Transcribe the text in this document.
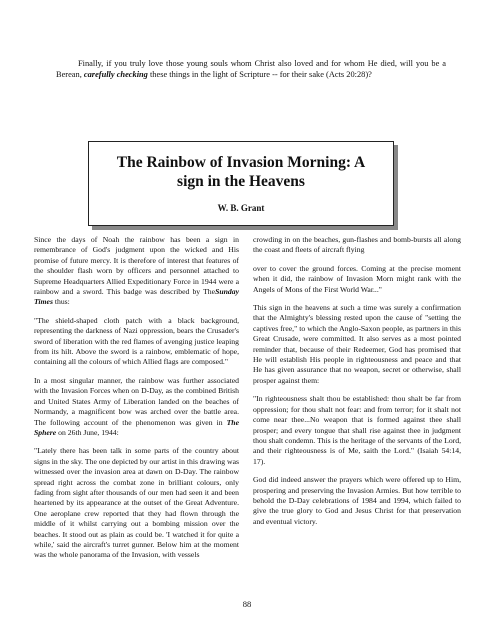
Finally, if you truly love those young souls whom Christ also loved and for whom He died, will you be a Berean, carefully checking these things in the light of Scripture -- for their sake (Acts 20:28)?

The Rainbow of Invasion Morning: A sign in the Heavens
W. B. Grant

Since the days of Noah the rainbow has been a sign in remembrance of God's judgment upon the wicked and His promise of future mercy. It is therefore of interest that features of the shoulder flash worn by officers and personnel attached to Supreme Headquarters Allied Expeditionary Force in 1944 were a rainbow and a sword. This badge was described by TheSunday Times thus:

"The shield-shaped cloth patch with a black background, representing the darkness of Nazi oppression, bears the Crusader's sword of liberation with the red flames of avenging justice leaping from its hilt. Above the sword is a rainbow, emblematic of hope, containing all the colours of which Allied flags are composed."

In a most singular manner, the rainbow was further associated with the Invasion Forces when on D-Day, as the combined British and United States Army of Liberation landed on the beaches of Normandy, a magnificent bow was arched over the battle area. The following account of the phenomenon was given in The Sphere on 26th June, 1944:

"Lately there has been talk in some parts of the country about signs in the sky. The one depicted by our artist in this drawing was witnessed over the invasion area at dawn on D-Day. The rainbow spread right across the combat zone in brilliant colours, only fading from sight after thousands of our men had seen it and been heartened by its appearance at the outset of the Great Adventure. One aeroplane crew reported that they had flown through the middle of it whilst carrying out a bombing mission over the beaches. It stood out as plain as could be. 'I watched it for quite a while,' said the aircraft's turret gunner. Below him at the moment was the whole panorama of the Invasion, with vessels

crowding in on the beaches, gun-flashes and bomb-bursts all along the coast and fleets of aircraft flying

over to cover the ground forces. Coming at the precise moment when it did, the rainbow of Invasion Morn might rank with the Angels of Mons of the First World War..."

This sign in the heavens at such a time was surely a confirmation that the Almighty's blessing rested upon the cause of "setting the captives free," to which the Anglo-Saxon people, as partners in this Great Crusade, were committed. It also serves as a most pointed reminder that, because of their Redeemer, God has promised that He will establish His people in righteousness and peace and that He has given assurance that no weapon, secret or otherwise, shall prosper against them:

"In righteousness shalt thou be established: thou shalt be far from oppression; for thou shalt not fear: and from terror; for it shalt not come near thee...No weapon that is formed against thee shall prosper; and every tongue that shall rise against thee in judgment thou shalt condemn. This is the heritage of the servants of the Lord, and their righteousness is of Me, saith the Lord." (Isaiah 54:14, 17).

God did indeed answer the prayers which were offered up to Him, prospering and preserving the Invasion Armies. But how terrible to behold the D-Day celebrations of 1984 and 1994, which failed to give the true glory to God and Jesus Christ for that preservation and eventual victory.

88
